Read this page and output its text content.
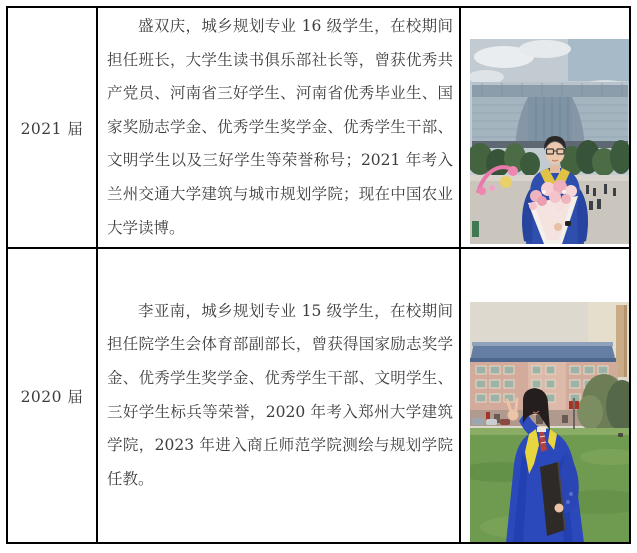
2021 届

盛双庆，城乡规划专业 16 级学生，在校期间担任班长，大学生读书俱乐部社长等，曾获优秀共产党员、河南省三好学生、河南省优秀毕业生、国家奖励志学金、优秀学生奖学金、优秀学生干部、文明学生以及三好学生等荣誉称号；2021 年考入兰州交通大学建筑与城市规划学院；现在中国农业大学读博。

2020 届

李亚南，城乡规划专业 15 级学生，在校期间担任院学生会体育部副部长，曾获得国家励志奖学金、优秀学生奖学金、优秀学生干部、文明学生、三好学生标兵等荣誉，2020 年考入郑州大学建筑学院，2023 年进入商丘师范学院测绘与规划学院任教。
